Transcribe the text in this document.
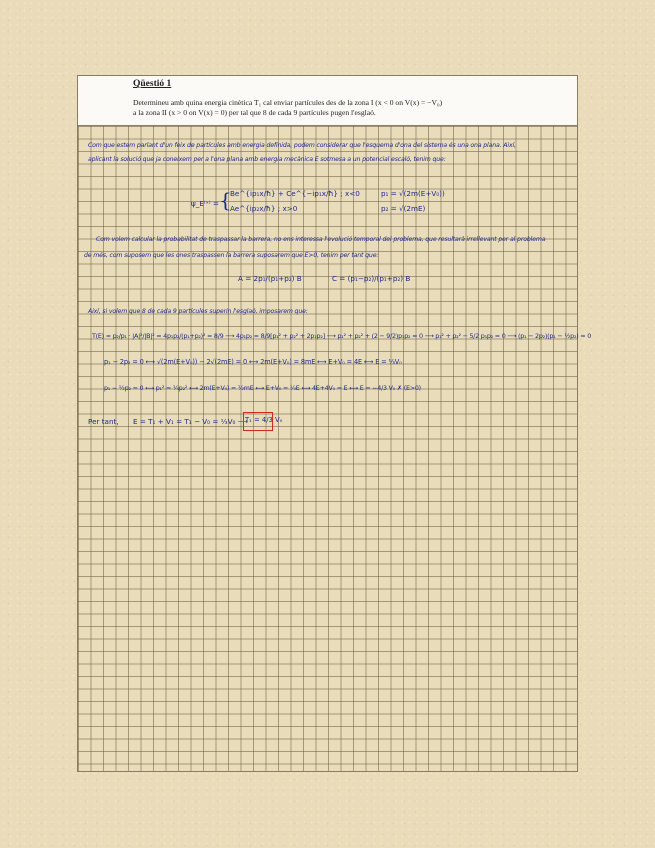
Qüestió 1
Determineu amb quina energia cinètica T₁ cal enviar partícules des de la zona I (x < 0 on V(x) = −V₀)
a la zona II (x > 0 on V(x) = 0) per tal que 8 de cada 9 partícules pugen l'esglaó.
Com que estem parlant d'un feix de partícules amb energia definida, podem considerar que l'esquema d'ona del sistema és una ona plana. Així,
aplicant la solució que ja coneixem per a l'ona plana amb energia mecànica E sotmesa a un potencial escaló, tenim que:
ψ_E⁽ˣ⁾ = {
Be^{ip₁x/ħ} + Ce^{−ip₁x/ħ} ; x<0
Ae^{ip₂x/ħ} ; x>0
p₁ = √(2m(E+V₀))
p₂ = √(2mE)
Com volem calcular la probabilitat de traspassar la barrera, no ens interessa l'evolució temporal del problema, que resultarà irrellevant per al problema
de més, com suposem que les ones traspassen la barrera suposarem que E>0, tenim per tant que:
A = 2p₁/(p₁+p₂) B	C = (p₁−p₂)/(p₁+p₂) B
Així, si volem que 8 de cada 9 partícules superin l'esglaó, imposarem que:
T(E) = p₂/p₁ · |A|²/|B|² = 4p₁p₂/(p₁+p₂)² = 8/9 ⟶ 4p₁p₂ = 8/9[p₁² + p₂² + 2p₁p₂] ⟶ p₁² + p₂² + (2 − 9/2)p₁p₂ = 0 ⟶ p₁² + p₂² − 5/2 p₁p₂ = 0 ⟶ (p₁ − 2p₂)(p₁ − ½p₂) = 0
p₁ − 2p₂ = 0 ⟷ √(2m(E+V₀)) − 2√(2mE) = 0 ⟷ 2m(E+V₀) = 8mE ⟷ E+V₀ = 4E ⟷ E = ⅓V₀
p₁ − ½p₂ = 0 ⟷ p₁² = ¼p₂² ⟷ 2m(E+V₀) = ½mE ⟷ E+V₀ = ¼E ⟷ 4E+4V₀ = E ⟷ E = −4/3 V₀ ✗ (E>0)
Per tant, E = T₁ + V₁ = T₁ − V₀ = ⅓V₀ ⟶
T₁ = 4/3 V₀
